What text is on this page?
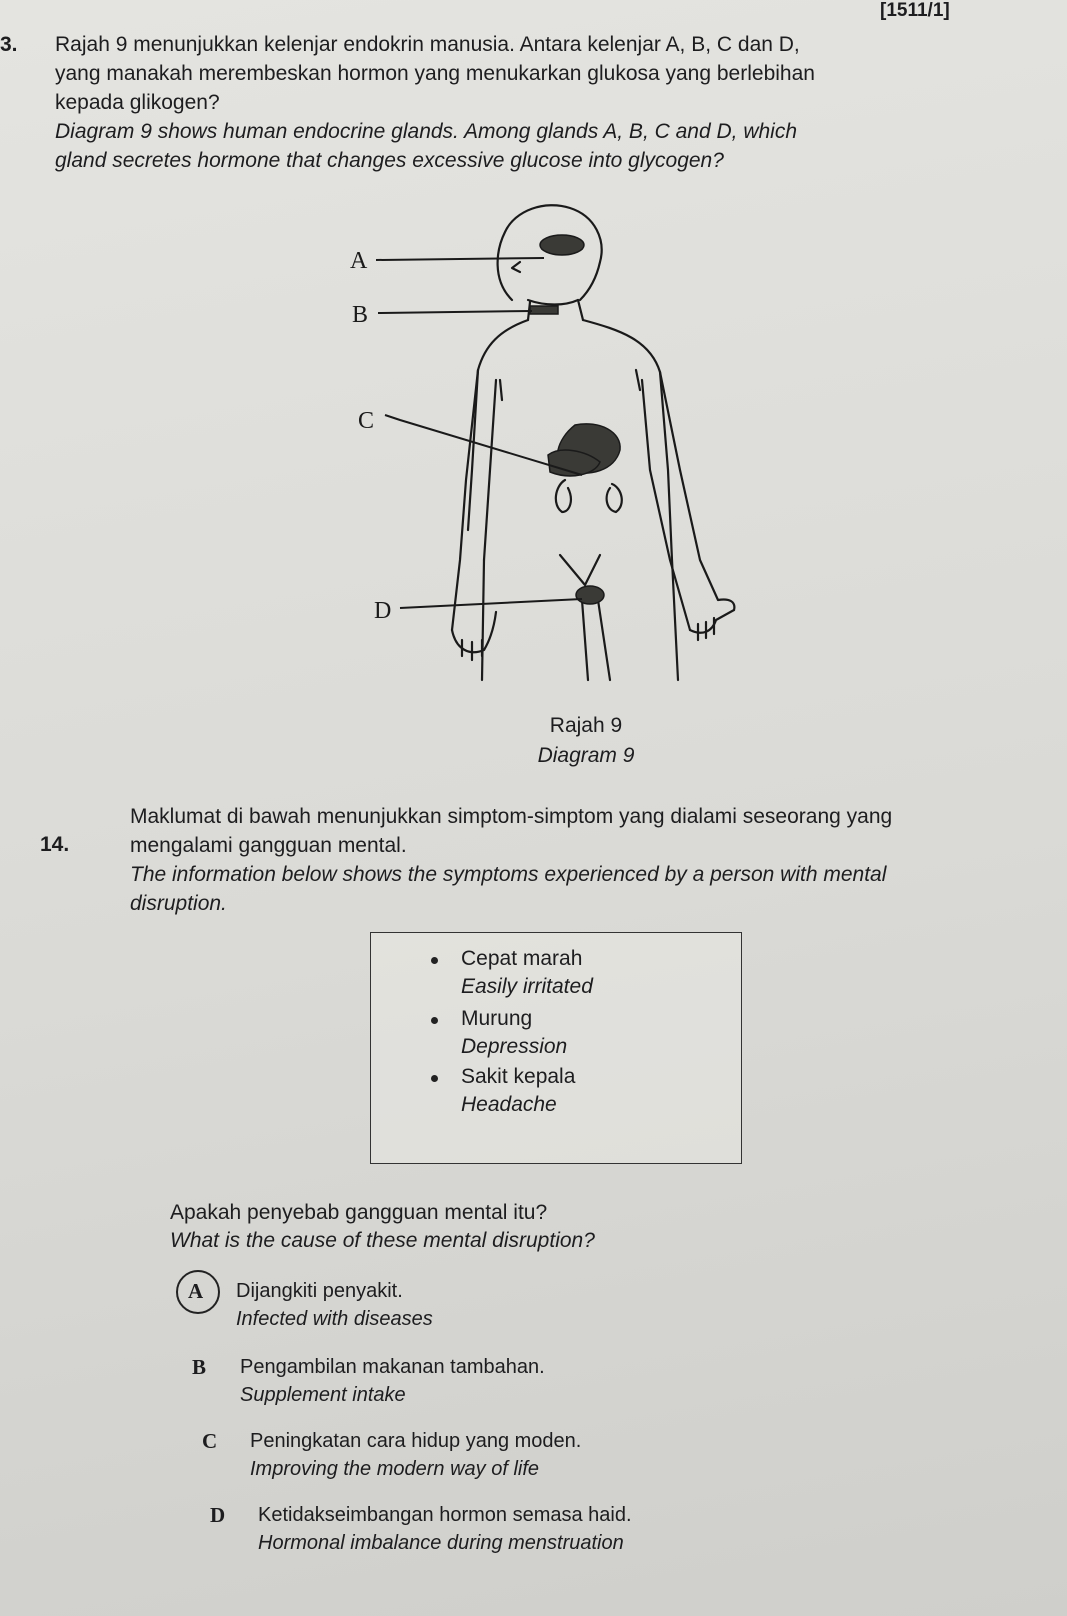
[1511/1]
3. Rajah 9 menunjukkan kelenjar endokrin manusia. Antara kelenjar A, B, C dan D,
yang manakah merembeskan hormon yang menukarkan glukosa yang berlebihan
kepada glikogen?
Diagram 9 shows human endocrine glands. Among glands A, B, C and D, which
gland secretes hormone that changes excessive glucose into glycogen?
A
B
C
D
Rajah 9
Diagram 9
14.
Maklumat di bawah menunjukkan simptom-simptom yang dialami seseorang yang
mengalami gangguan mental.
The information below shows the symptoms experienced by a person with mental
disruption.
Cepat marah
Easily irritated
Murung
Depression
Sakit kepala
Headache
Apakah penyebab gangguan mental itu?
What is the cause of these mental disruption?
A Dijangkiti penyakit.
Infected with diseases
B Pengambilan makanan tambahan.
Supplement intake
C Peningkatan cara hidup yang moden.
Improving the modern way of life
D Ketidakseimbangan hormon semasa haid.
Hormonal imbalance during menstruation
